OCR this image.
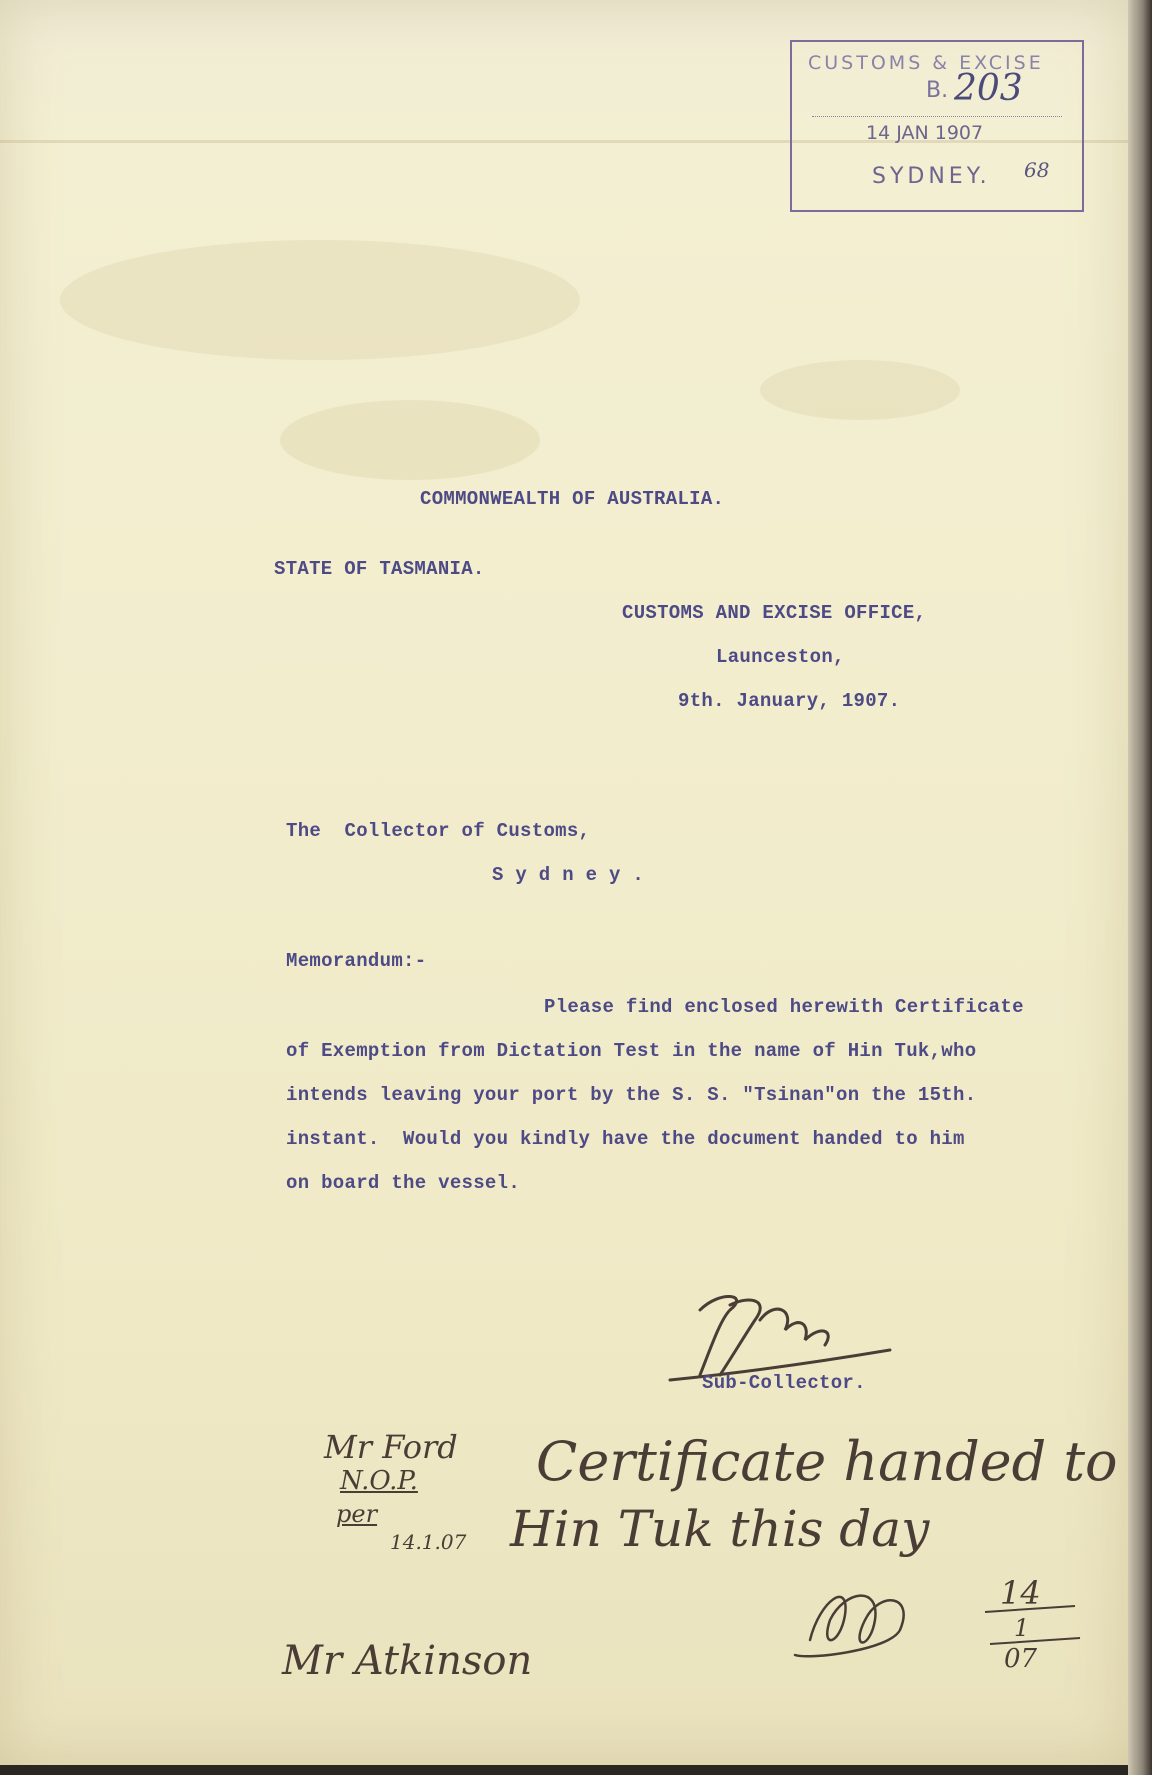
CUSTOMS & EXCISE
B. 203
14 JAN 1907
SYDNEY. 68
COMMONWEALTH OF AUSTRALIA.
STATE OF TASMANIA.
CUSTOMS AND EXCISE OFFICE,
Launceston,
9th. January, 1907.
The  Collector of Customs,
S y d n e y .
Memorandum:-
Please find enclosed herewith Certificate
of Exemption from Dictation Test in the name of Hin Tuk,who
intends leaving your port by the S. S. "Tsinan"on the 15th.
instant.  Would you kindly have the document handed to him
on board the vessel.
Sub-Collector.
Mr Ford
N.O.P.
per
14.1.07
Certificate handed to
Hin Tuk this day
14
1
07
Mr Atkinson
